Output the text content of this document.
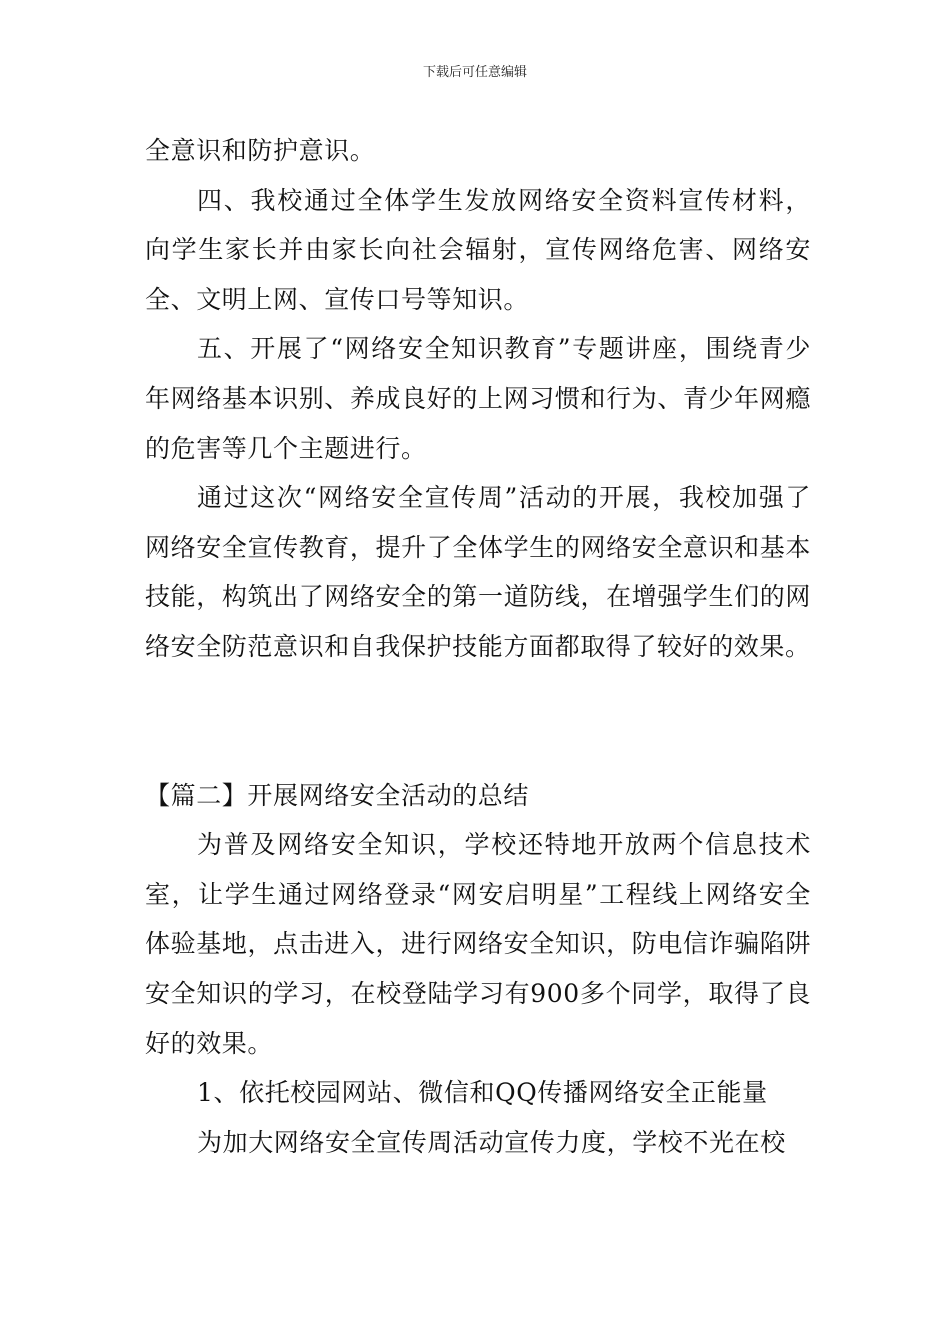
下载后可任意编辑

全意识和防护意识。

四、我校通过全体学生发放网络安全资料宣传材料，向学生家长并由家长向社会辐射，宣传网络危害、网络安全、文明上网、宣传口号等知识。

五、开展了“网络安全知识教育”专题讲座，围绕青少年网络基本识别、养成良好的上网习惯和行为、青少年网瘾的危害等几个主题进行。

通过这次“网络安全宣传周”活动的开展，我校加强了网络安全宣传教育，提升了全体学生的网络安全意识和基本技能，构筑出了网络安全的第一道防线，在增强学生们的网络安全防范意识和自我保护技能方面都取得了较好的效果。

【篇二】开展网络安全活动的总结

为普及网络安全知识，学校还特地开放两个信息技术室，让学生通过网络登录“网安启明星”工程线上网络安全体验基地，点击进入，进行网络安全知识，防电信诈骗陷阱安全知识的学习，在校登陆学习有900多个同学，取得了良好的效果。

1、依托校园网站、微信和QQ传播网络安全正能量

为加大网络安全宣传周活动宣传力度，学校不光在校
